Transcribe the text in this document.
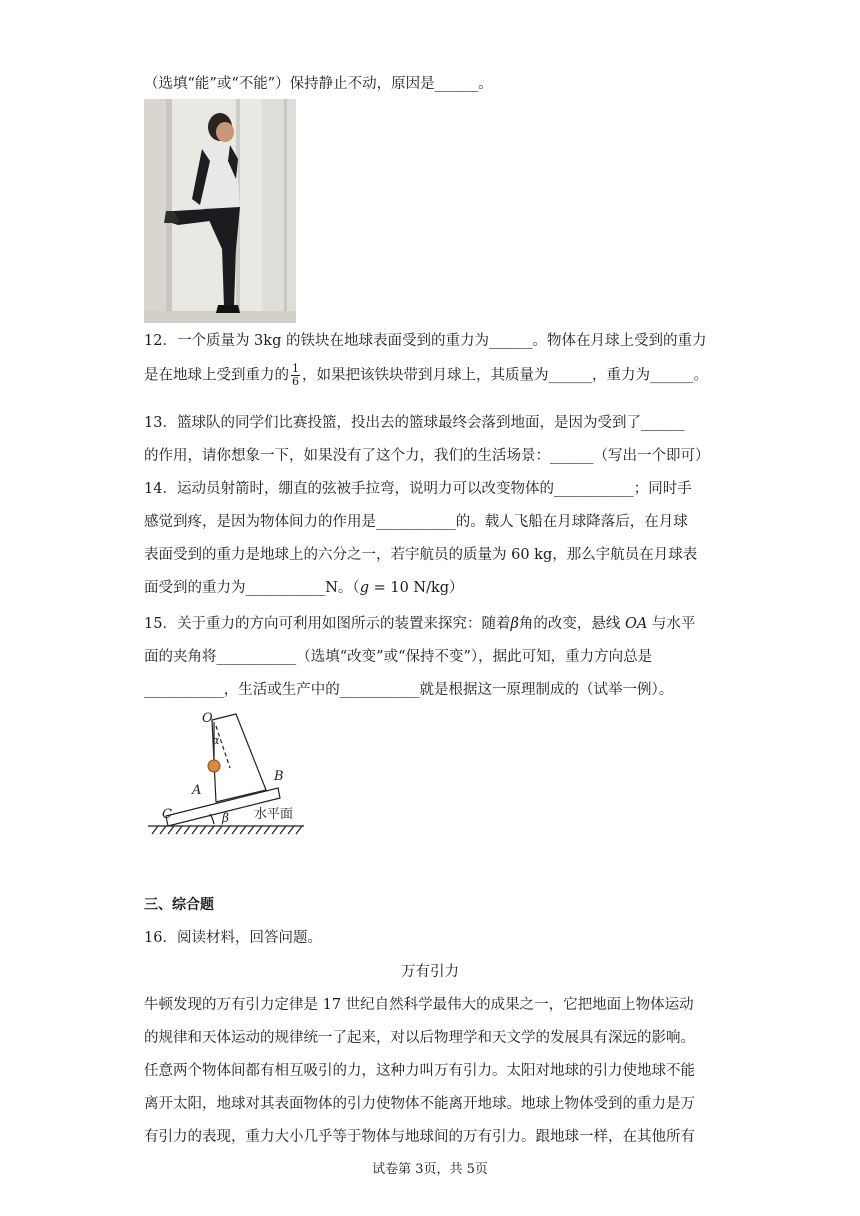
（选填“能”或“不能”）保持静止不动，原因是______。
12．一个质量为 3kg 的铁块在地球表面受到的重力为______。物体在月球上受到的重力
是在地球上受到重力的 $\frac{1}{6}$ ，如果把该铁块带到月球上，其质量为______，重力为______。
13．篮球队的同学们比赛投篮，投出去的篮球最终会落到地面，是因为受到了______
的作用，请你想象一下，如果没有了这个力，我们的生活场景：______（写出一个即可）
14．运动员射箭时，绷直的弦被手拉弯，说明力可以改变物体的___________；同时手
感觉到疼，是因为物体间力的作用是___________的。载人飞船在月球降落后，在月球
表面受到的重力是地球上的六分之一，若宇航员的质量为 60 kg，那么宇航员在月球表
面受到的重力为___________N。（g = 10 N/kg）
15．关于重力的方向可利用如图所示的装置来探究：随着β角的改变，悬线 OA 与水平
面的夹角将___________（选填“改变”或“保持不变”），据此可知，重力方向总是
___________，生活或生产中的___________就是根据这一原理制成的（试举一例）。
O
α
A
B
C	β 水平面
三、综合题
16．阅读材料，回答问题。
万有引力
牛顿发现的万有引力定律是 17 世纪自然科学最伟大的成果之一，它把地面上物体运动
的规律和天体运动的规律统一了起来，对以后物理学和天文学的发展具有深远的影响。
任意两个物体间都有相互吸引的力，这种力叫万有引力。太阳对地球的引力使地球不能
离开太阳，地球对其表面物体的引力使物体不能离开地球。地球上物体受到的重力是万
有引力的表现，重力大小几乎等于物体与地球间的万有引力。跟地球一样，在其他所有
试卷第 3页，共 5页
